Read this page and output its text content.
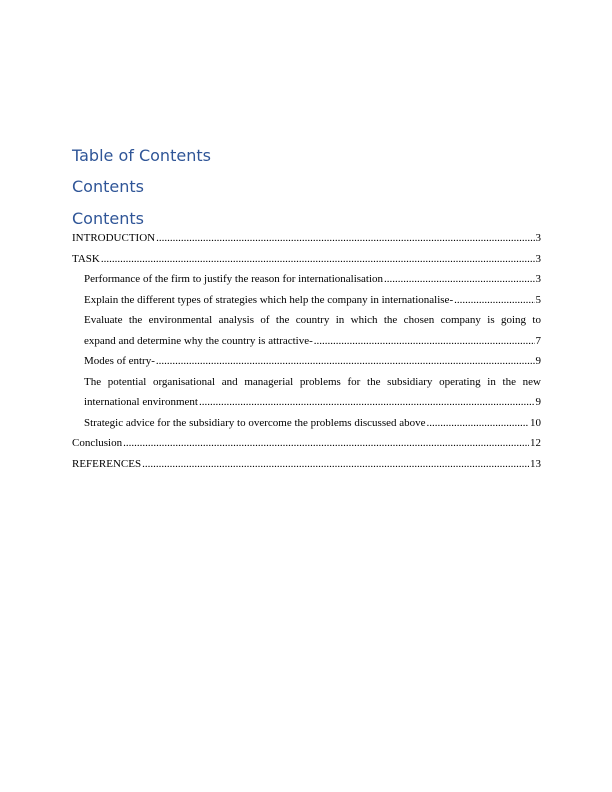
Table of Contents
Contents
Contents
INTRODUCTION .....	3
TASK .....	3
Performance of the firm to justify the reason for internationalisation .....	3
Explain the different types of strategies which help the company in internationalise- .....	5
Evaluate the environmental analysis of the country in which the chosen company is going to
expand and determine why the country is attractive- .....	7
Modes of entry- .....	9
The potential organisational and managerial problems for the subsidiary operating in the new
international environment .....	9
Strategic advice for the subsidiary to overcome the problems discussed above .....	10
Conclusion .....	12
REFERENCES .....	13
